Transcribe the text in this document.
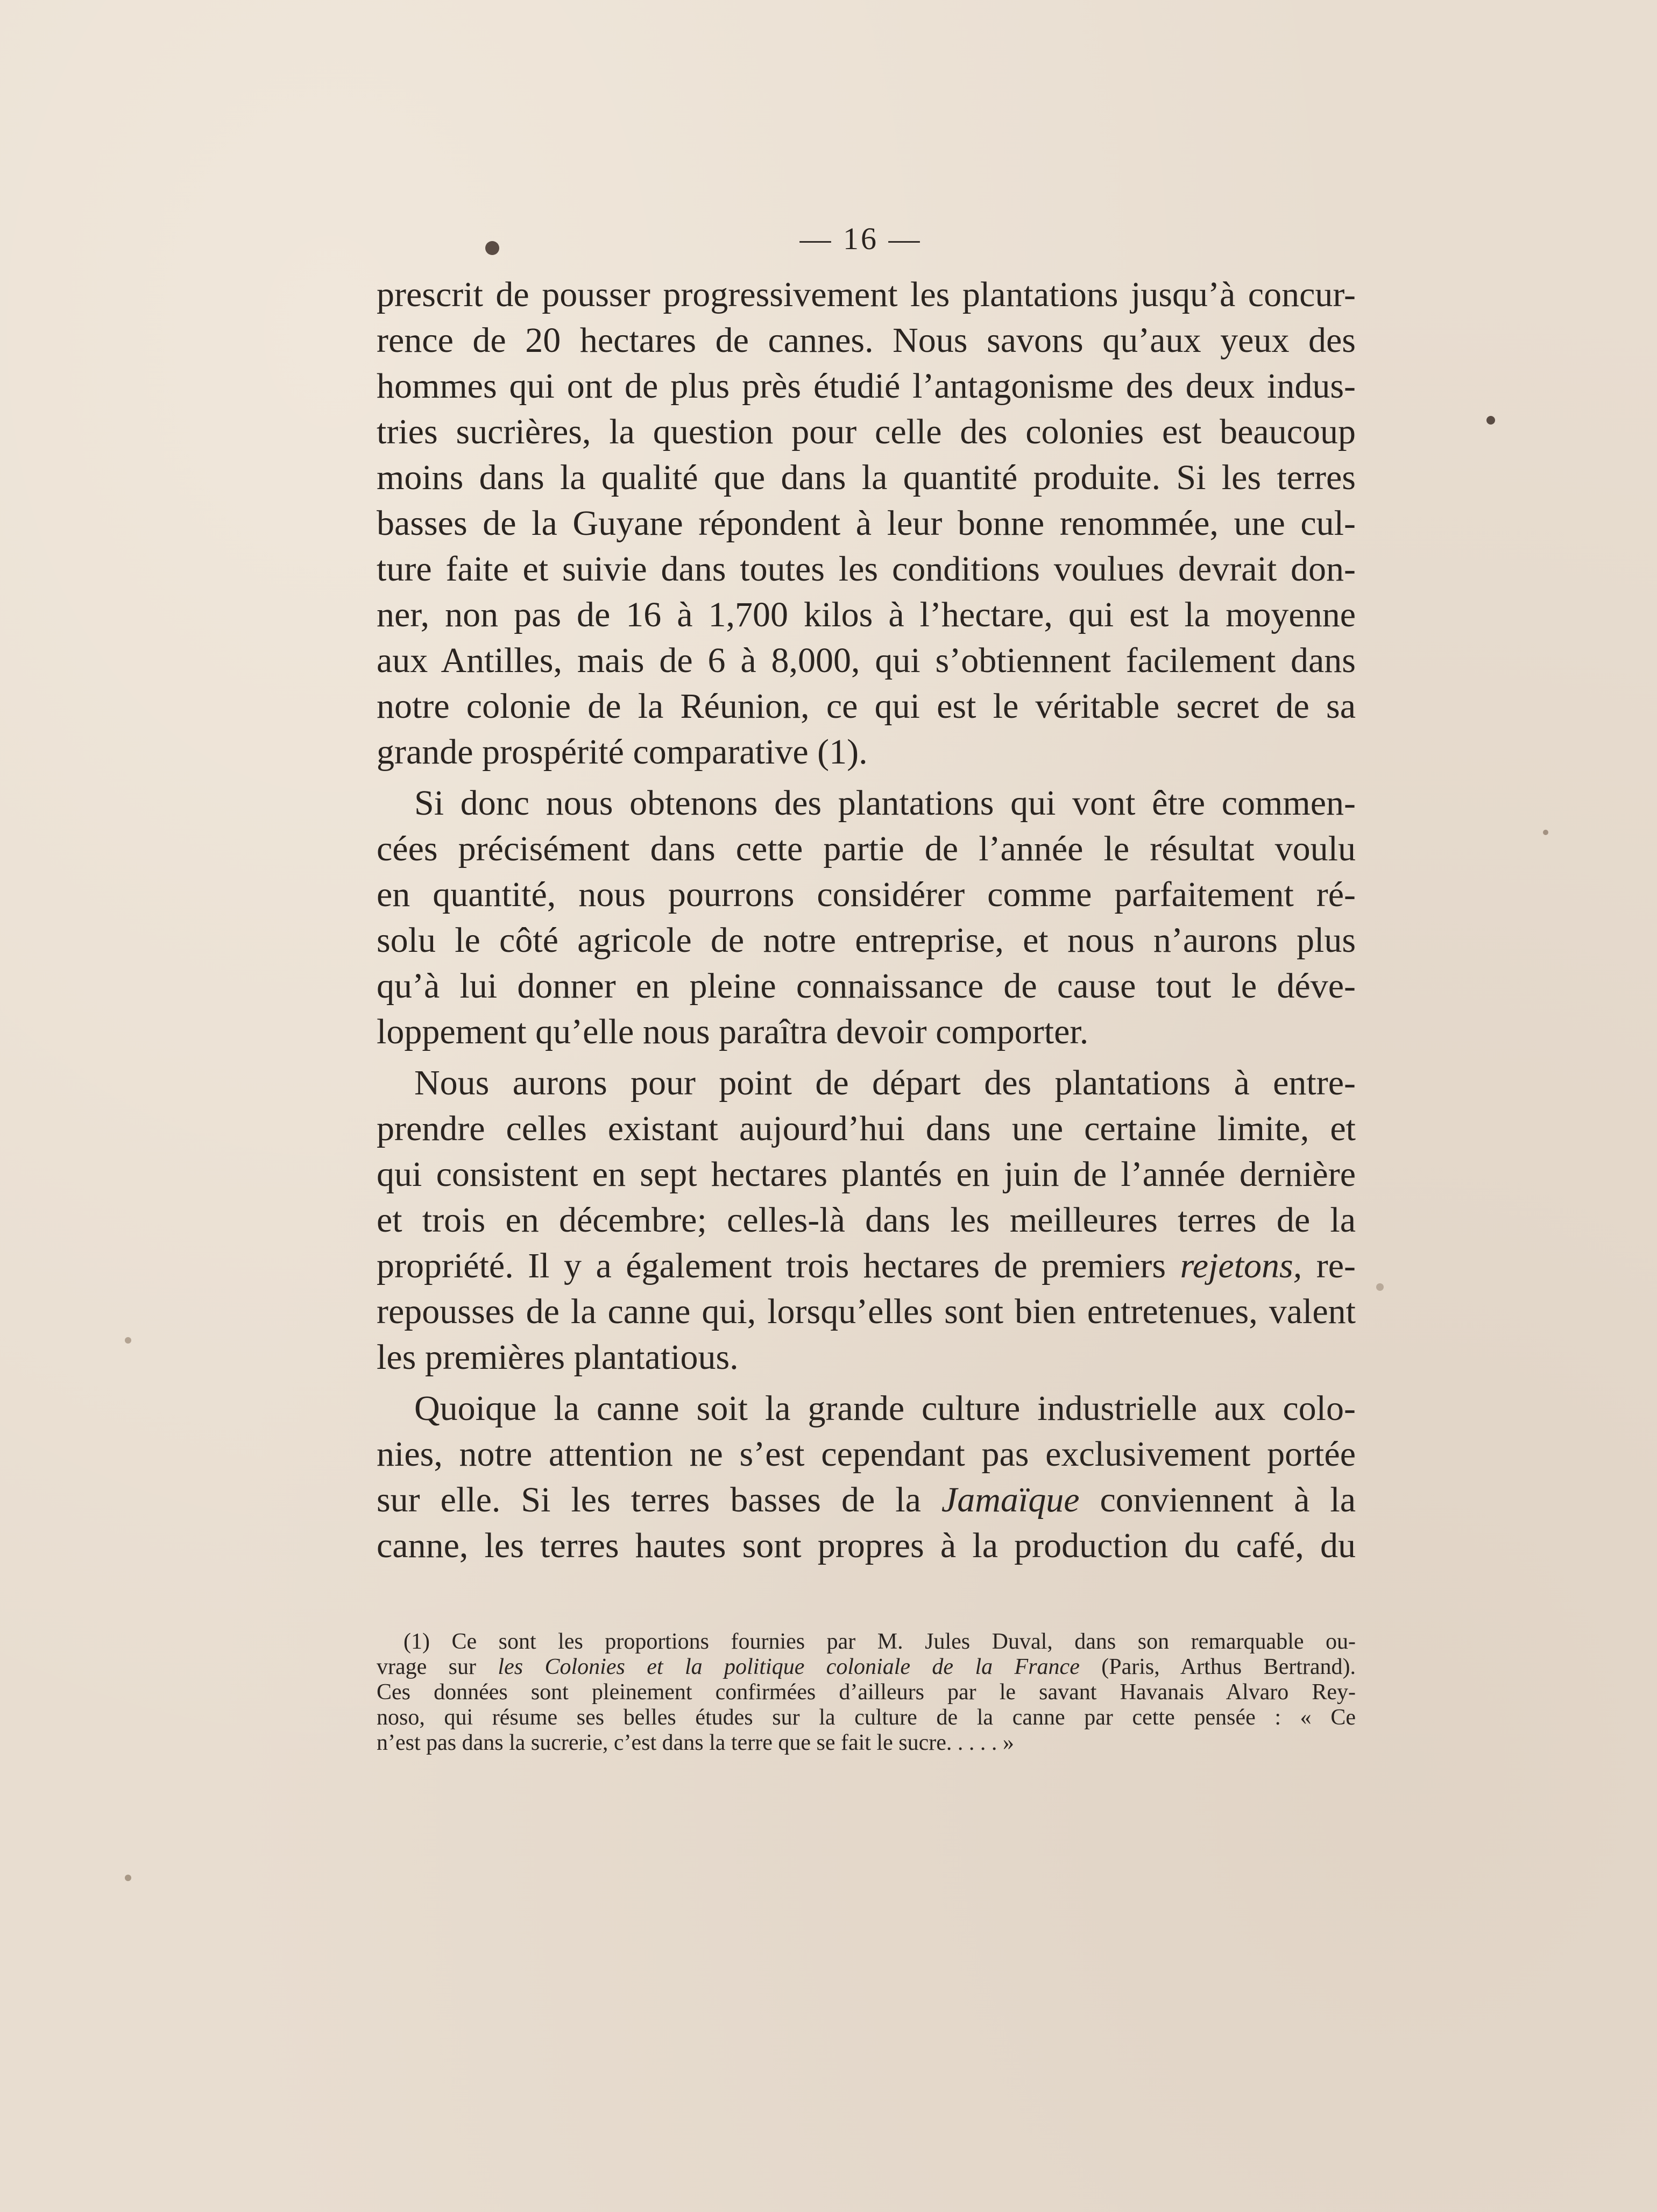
— 16 —
prescrit de pousser progressivement les plantations jusqu’à concur-
rence de 20 hectares de cannes. Nous savons qu’aux yeux des
hommes qui ont de plus près étudié l’antagonisme des deux indus-
tries sucrières, la question pour celle des colonies est beaucoup
moins dans la qualité que dans la quantité produite. Si les terres
basses de la Guyane répondent à leur bonne renommée, une cul-
ture faite et suivie dans toutes les conditions voulues devrait don-
ner, non pas de 16 à 1,700 kilos à l’hectare, qui est la moyenne
aux Antilles, mais de 6 à 8,000, qui s’obtiennent facilement dans
notre colonie de la Réunion, ce qui est le véritable secret de sa
grande prospérité comparative (1).
Si donc nous obtenons des plantations qui vont être commen-
cées précisément dans cette partie de l’année le résultat voulu
en quantité, nous pourrons considérer comme parfaitement ré-
solu le côté agricole de notre entreprise, et nous n’aurons plus
qu’à lui donner en pleine connaissance de cause tout le déve-
loppement qu’elle nous paraîtra devoir comporter.
Nous aurons pour point de départ des plantations à entre-
prendre celles existant aujourd’hui dans une certaine limite, et
qui consistent en sept hectares plantés en juin de l’année dernière
et trois en décembre; celles-là dans les meilleures terres de la
propriété. Il y a également trois hectares de premiers rejetons, re-
repousses de la canne qui, lorsqu’elles sont bien entretenues, valent
les premières plantatious.
Quoique la canne soit la grande culture industrielle aux colo-
nies, notre attention ne s’est cependant pas exclusivement portée
sur elle. Si les terres basses de la Jamaïque conviennent à la
canne, les terres hautes sont propres à la production du café, du
(1) Ce sont les proportions fournies par M. Jules Duval, dans son remarquable ou-
vrage sur les Colonies et la politique coloniale de la France (Paris, Arthus Bertrand).
Ces données sont pleinement confirmées d’ailleurs par le savant Havanais Alvaro Rey-
noso, qui résume ses belles études sur la culture de la canne par cette pensée : « Ce
n’est pas dans la sucrerie, c’est dans la terre que se fait le sucre. . . . . »
